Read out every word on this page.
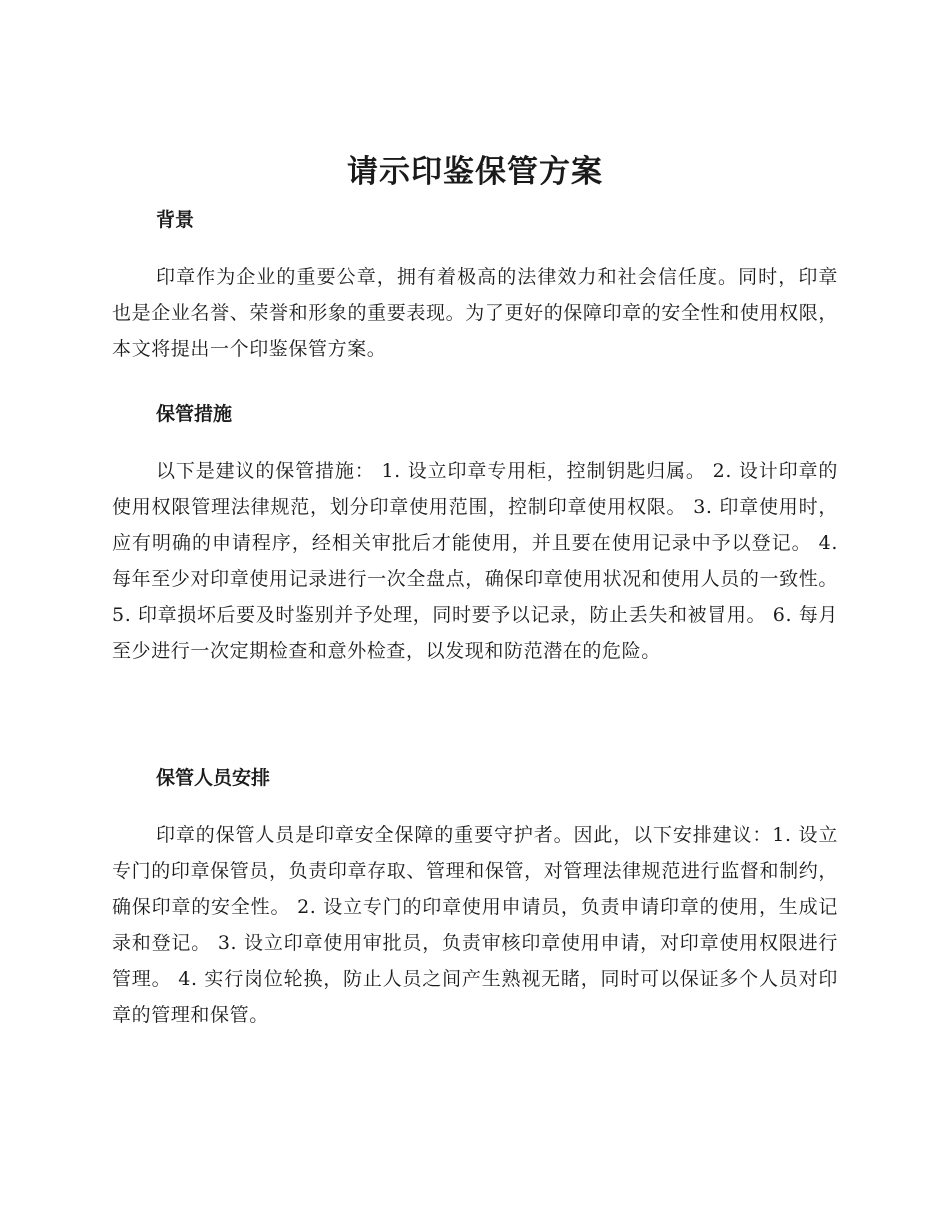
请示印鉴保管方案
背景

印章作为企业的重要公章，拥有着极高的法律效力和社会信任度。同时，印章也是企业名誉、荣誉和形象的重要表现。为了更好的保障印章的安全性和使用权限，本文将提出一个印鉴保管方案。

保管措施

以下是建议的保管措施： 1. 设立印章专用柜，控制钥匙归属。 2. 设计印章的使用权限管理法律规范，划分印章使用范围，控制印章使用权限。 3. 印章使用时，应有明确的申请程序，经相关审批后才能使用，并且要在使用记录中予以登记。 4. 每年至少对印章使用记录进行一次全盘点，确保印章使用状况和使用人员的一致性。 5. 印章损坏后要及时鉴别并予处理，同时要予以记录，防止丢失和被冒用。 6. 每月至少进行一次定期检查和意外检查，以发现和防范潜在的危险。

保管人员安排

印章的保管人员是印章安全保障的重要守护者。因此，以下安排建议：1. 设立专门的印章保管员，负责印章存取、管理和保管，对管理法律规范进行监督和制约，确保印章的安全性。 2. 设立专门的印章使用申请员，负责申请印章的使用，生成记录和登记。 3. 设立印章使用审批员，负责审核印章使用申请，对印章使用权限进行管理。 4. 实行岗位轮换，防止人员之间产生熟视无睹，同时可以保证多个人员对印章的管理和保管。
